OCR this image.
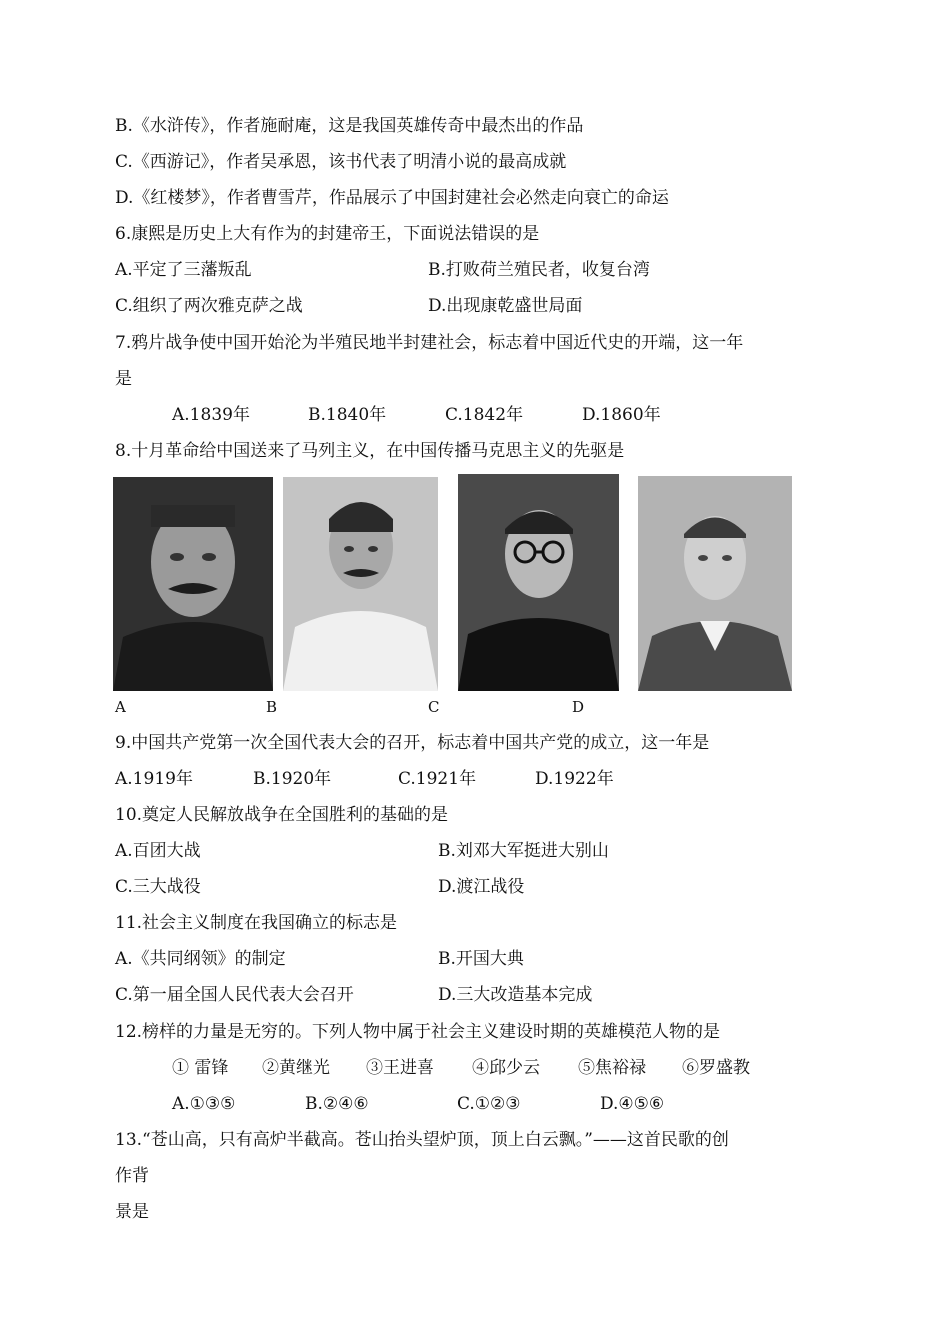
B.《水浒传》，作者施耐庵，这是我国英雄传奇中最杰出的作品
C.《西游记》，作者吴承恩，该书代表了明清小说的最高成就
D.《红楼梦》，作者曹雪芹，作品展示了中国封建社会必然走向衰亡的命运
6.康熙是历史上大有作为的封建帝王，下面说法错误的是
A.平定了三藩叛乱	B.打败荷兰殖民者，收复台湾
C.组织了两次雅克萨之战	D.出现康乾盛世局面
7.鸦片战争使中国开始沦为半殖民地半封建社会，标志着中国近代史的开端，这一年
是
A.1839年	B.1840年	C.1842年	D.1860年
8.十月革命给中国送来了马列主义，在中国传播马克思主义的先驱是
A	B	C	D
9.中国共产党第一次全国代表大会的召开，标志着中国共产党的成立，这一年是
A.1919年	B.1920年	C.1921年	D.1922年
10.奠定人民解放战争在全国胜利的基础的是
A.百团大战	B.刘邓大军挺进大别山
C.三大战役	D.渡江战役
11.社会主义制度在我国确立的标志是
A.《共同纲领》的制定	B.开国大典
C.第一届全国人民代表大会召开	D.三大改造基本完成
12.榜样的力量是无穷的。下列人物中属于社会主义建设时期的英雄模范人物的是
① 雷锋 ②黄继光 ③王进喜 ④邱少云 ⑤焦裕禄 ⑥罗盛教
A.①③⑤	B.②④⑥	C.①②③	D.④⑤⑥
13.“苍山高，只有高炉半截高。苍山抬头望炉顶，顶上白云飘。”——这首民歌的创
作背
景是
